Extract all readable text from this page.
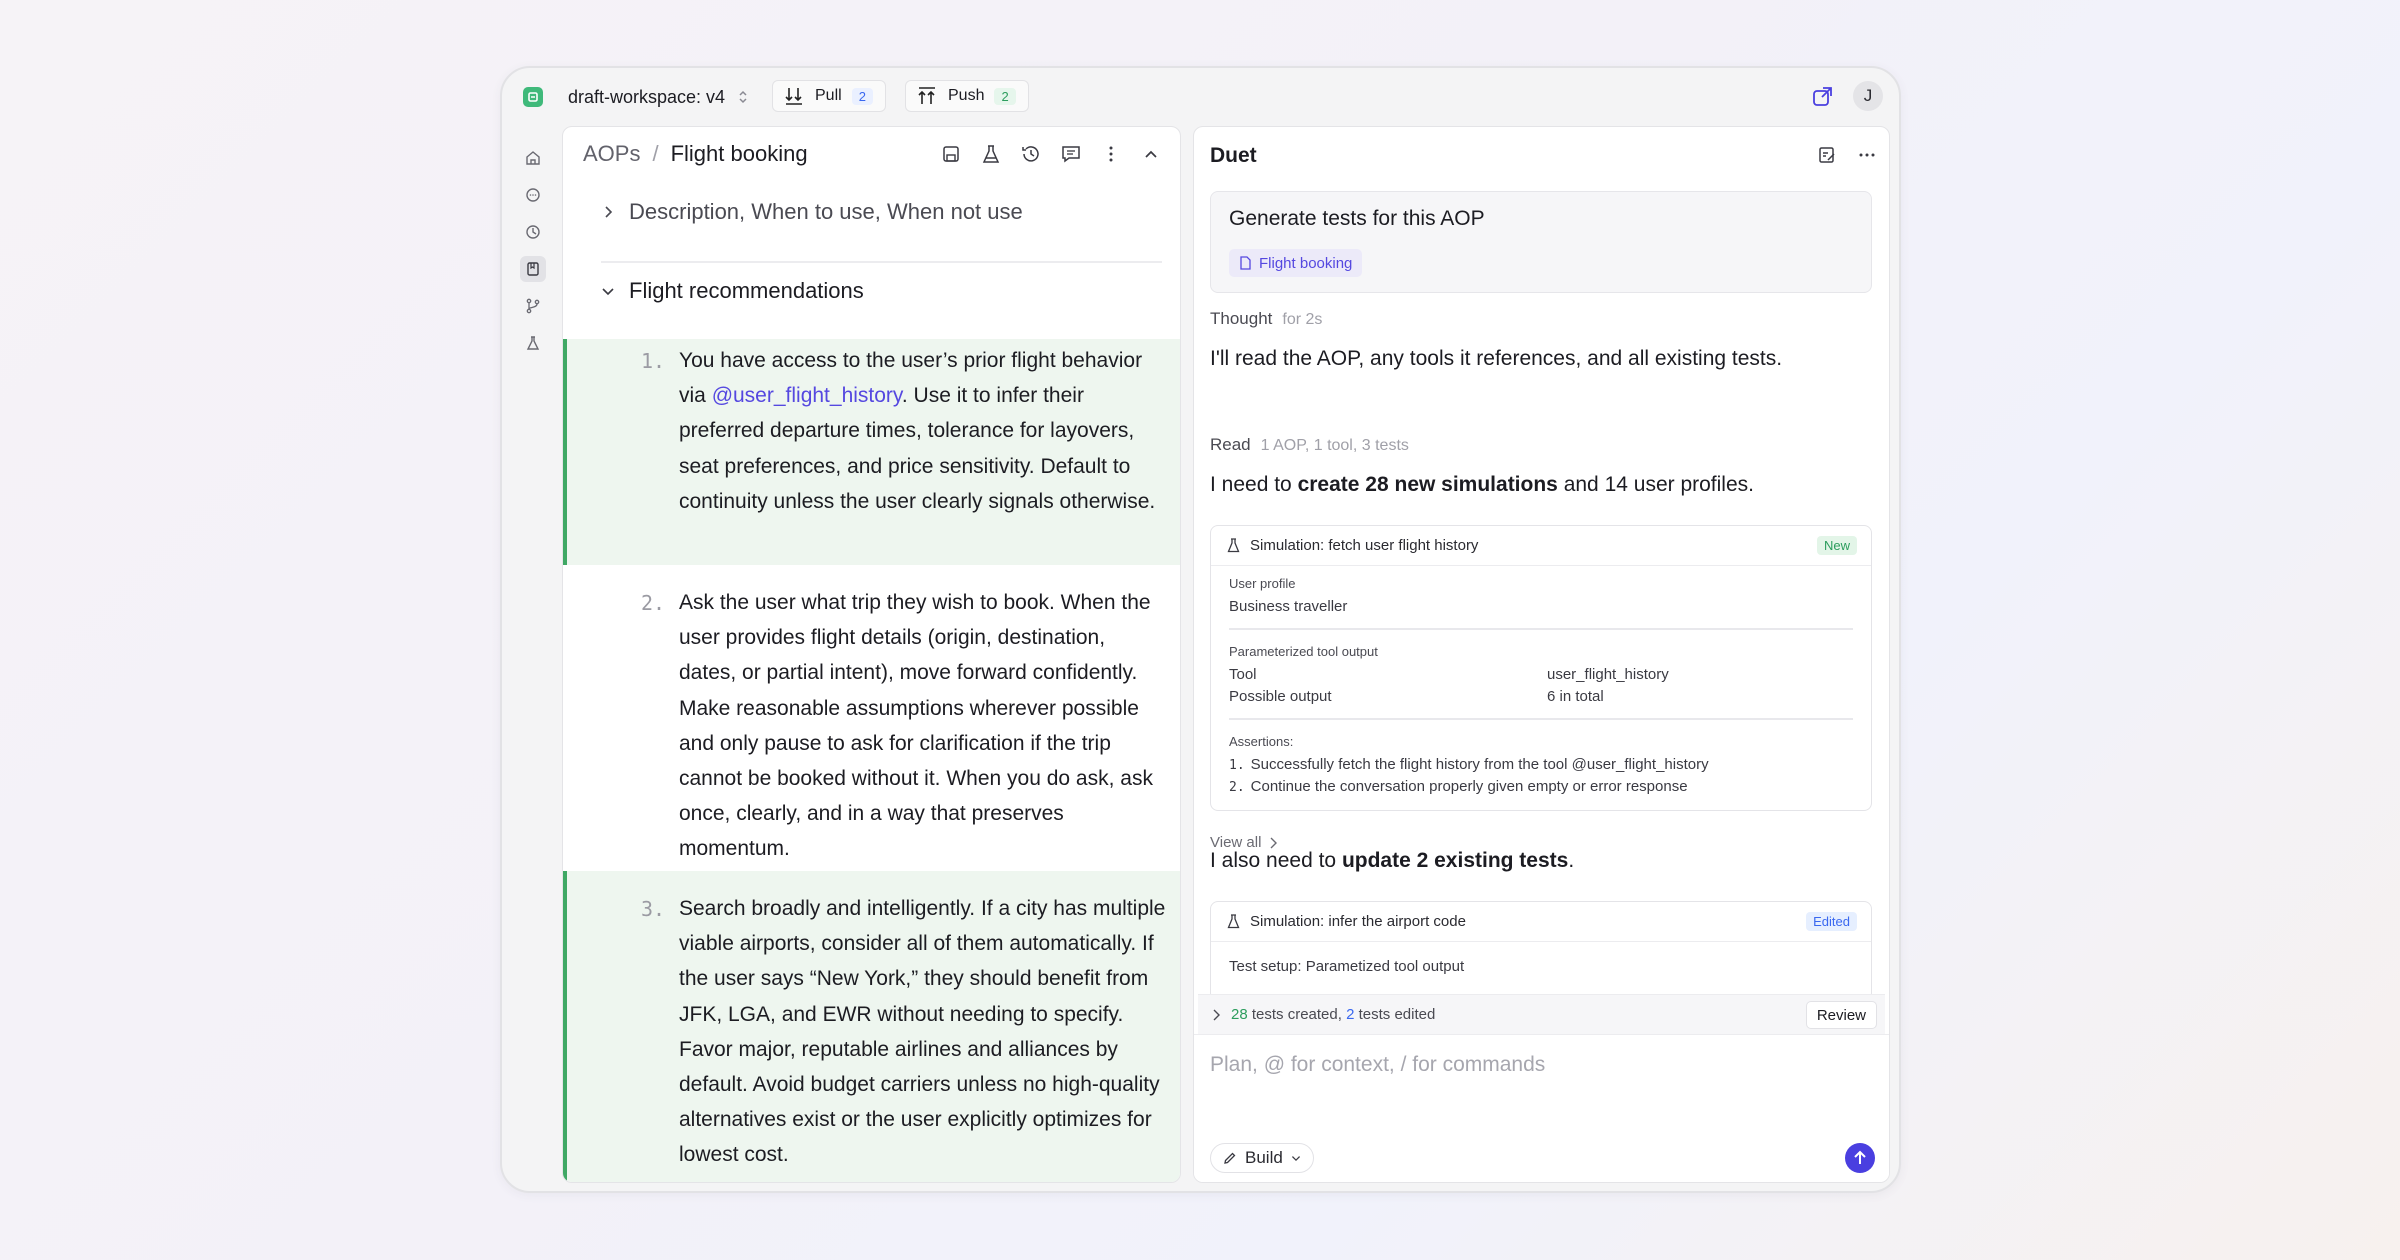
draft-workspace: v4	Pull	2	Push	2	J
AOPs / Flight booking
Description, When to use, When not use
Flight recommendations
1. You have access to the user’s prior flight behavior via @user_flight_history. Use it to infer their preferred departure times, tolerance for layovers, seat preferences, and price sensitivity. Default to continuity unless the user clearly signals otherwise.
2. Ask the user what trip they wish to book. When the user provides flight details (origin, destination, dates, or partial intent), move forward confidently. Make reasonable assumptions wherever possible and only pause to ask for clarification if the trip cannot be booked without it. When you do ask, ask once, clearly, and in a way that preserves momentum.
3. Search broadly and intelligently. If a city has multiple viable airports, consider all of them automatically. If the user says “New York,” they should benefit from JFK, LGA, and EWR without needing to specify. Favor major, reputable airlines and alliances by default. Avoid budget carriers unless no high-quality alternatives exist or the user explicitly optimizes for lowest cost.
Duet
Generate tests for this AOP
Flight booking
Thought for 2s
I'll read the AOP, any tools it references, and all existing tests.
Read 1 AOP, 1 tool, 3 tests
I need to create 28 new simulations and 14 user profiles.
Simulation: fetch user flight history	New
User profile
Business traveller
Parameterized tool output
Tool	user_flight_history
Possible output	6 in total
Assertions:
1. Successfully fetch the flight history from the tool @user_flight_history
2. Continue the conversation properly given empty or error response
View all
I also need to update 2 existing tests.
Simulation: infer the airport code	Edited
Test setup: Parametized tool output
28 tests created, 2 tests edited	Review
Plan, @ for context, / for commands
Build
